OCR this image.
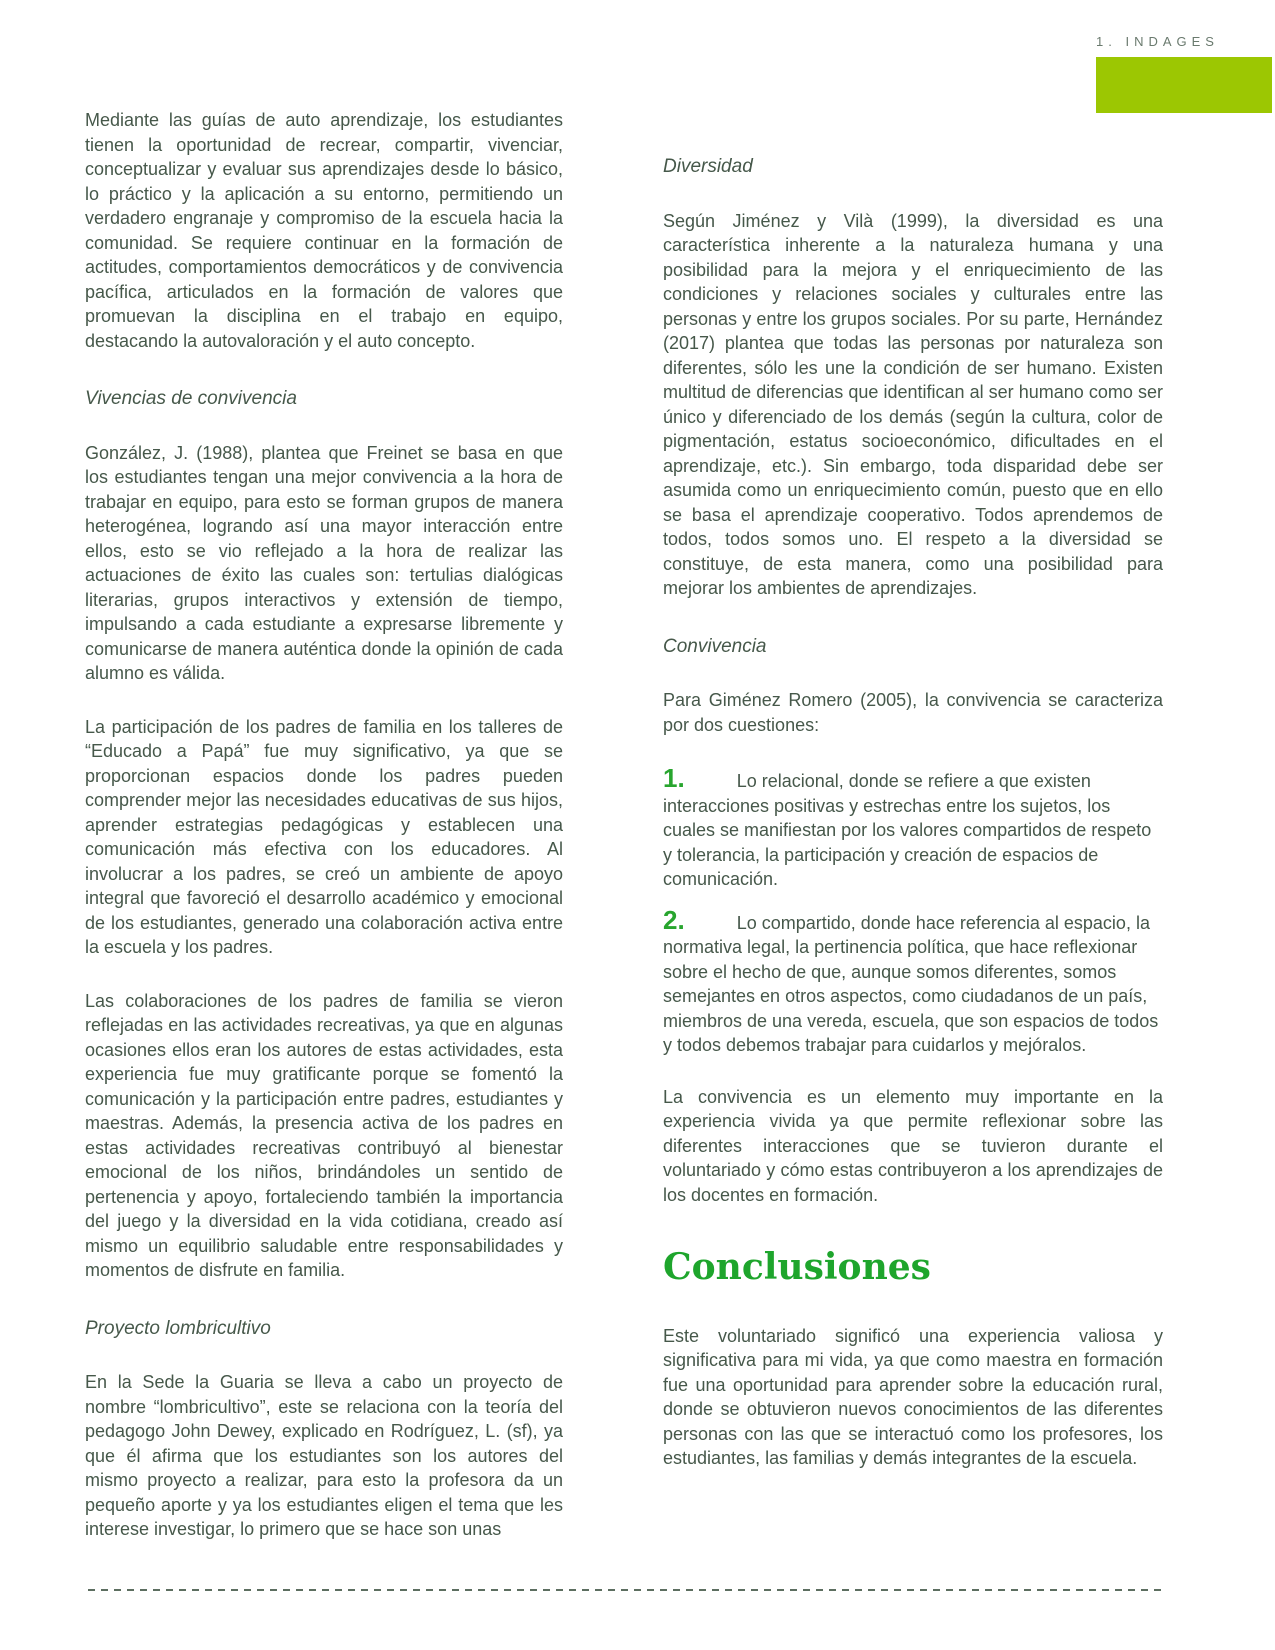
1. INDAGES

Mediante las guías de auto aprendizaje, los estudiantes tienen la oportunidad de recrear, compartir, vivenciar, conceptualizar y evaluar sus aprendizajes desde lo básico, lo práctico y la aplicación a su entorno, permitiendo un verdadero engranaje y compromiso de la escuela hacia la comunidad. Se requiere continuar en la formación de actitudes, comportamientos democráticos y de convivencia pacífica, articulados en la formación de valores que promuevan la disciplina en el trabajo en equipo, destacando la autovaloración y el auto concepto.

Vivencias de convivencia

González, J. (1988), plantea que Freinet se basa en que los estudiantes tengan una mejor convivencia a la hora de trabajar en equipo, para esto se forman grupos de manera heterogénea, logrando así una mayor interacción entre ellos, esto se vio reflejado a la hora de realizar las actuaciones de éxito las cuales son: tertulias dialógicas literarias, grupos interactivos y extensión de tiempo, impulsando a cada estudiante a expresarse libremente y comunicarse de manera auténtica donde la opinión de cada alumno es válida.

La participación de los padres de familia en los talleres de “Educado a Papá” fue muy significativo, ya que se proporcionan espacios donde los padres pueden comprender mejor las necesidades educativas de sus hijos, aprender estrategias pedagógicas y establecen una comunicación más efectiva con los educadores. Al involucrar a los padres, se creó un ambiente de apoyo integral que favoreció el desarrollo académico y emocional de los estudiantes, generado una colaboración activa entre la escuela y los padres.

Las colaboraciones de los padres de familia se vieron reflejadas en las actividades recreativas, ya que en algunas ocasiones ellos eran los autores de estas actividades, esta experiencia fue muy gratificante porque se fomentó la comunicación y la participación entre padres, estudiantes y maestras. Además, la presencia activa de los padres en estas actividades recreativas contribuyó al bienestar emocional de los niños, brindándoles un sentido de pertenencia y apoyo, fortaleciendo también la importancia del juego y la diversidad en la vida cotidiana, creado así mismo un equilibrio saludable entre responsabilidades y momentos de disfrute en familia.

Proyecto lombricultivo

En la Sede la Guaria se lleva a cabo un proyecto de nombre “lombricultivo”, este se relaciona con la teoría del pedagogo John Dewey, explicado en Rodríguez, L. (sf), ya que él afirma que los estudiantes son los autores del mismo proyecto a realizar, para esto la profesora da un pequeño aporte y ya los estudiantes eligen el tema que les interese investigar, lo primero que se hace son unas

Diversidad

Según Jiménez y Vilà (1999), la diversidad es una característica inherente a la naturaleza humana y una posibilidad para la mejora y el enriquecimiento de las condiciones y relaciones sociales y culturales entre las personas y entre los grupos sociales. Por su parte, Hernández (2017) plantea que todas las personas por naturaleza son diferentes, sólo les une la condición de ser humano. Existen multitud de diferencias que identifican al ser humano como ser único y diferenciado de los demás (según la cultura, color de pigmentación, estatus socioeconómico, dificultades en el aprendizaje, etc.). Sin embargo, toda disparidad debe ser asumida como un enriquecimiento común, puesto que en ello se basa el aprendizaje cooperativo. Todos aprendemos de todos, todos somos uno. El respeto a la diversidad se constituye, de esta manera, como una posibilidad para mejorar los ambientes de aprendizajes.

Convivencia

Para Giménez Romero (2005), la convivencia se caracteriza por dos cuestiones:

1.	Lo relacional, donde se refiere a que existen interacciones positivas y estrechas entre los sujetos, los cuales se manifiestan por los valores compartidos de respeto y tolerancia, la participación y creación de espacios de comunicación.
2.	Lo compartido, donde hace referencia al espacio, la normativa legal, la pertinencia política, que hace reflexionar sobre el hecho de que, aunque somos diferentes, somos semejantes en otros aspectos, como ciudadanos de un país, miembros de una vereda, escuela, que son espacios de todos y todos debemos trabajar para cuidarlos y mejóralos.

La convivencia es un elemento muy importante en la experiencia vivida ya que permite reflexionar sobre las diferentes interacciones que se tuvieron durante el voluntariado y cómo estas contribuyeron a los aprendizajes de los docentes en formación.

Conclusiones

Este voluntariado significó una experiencia valiosa y significativa para mi vida, ya que como maestra en formación fue una oportunidad para aprender sobre la educación rural, donde se obtuvieron nuevos conocimientos de las diferentes personas con las que se interactuó como los profesores, los estudiantes, las familias y demás integrantes de la escuela.
